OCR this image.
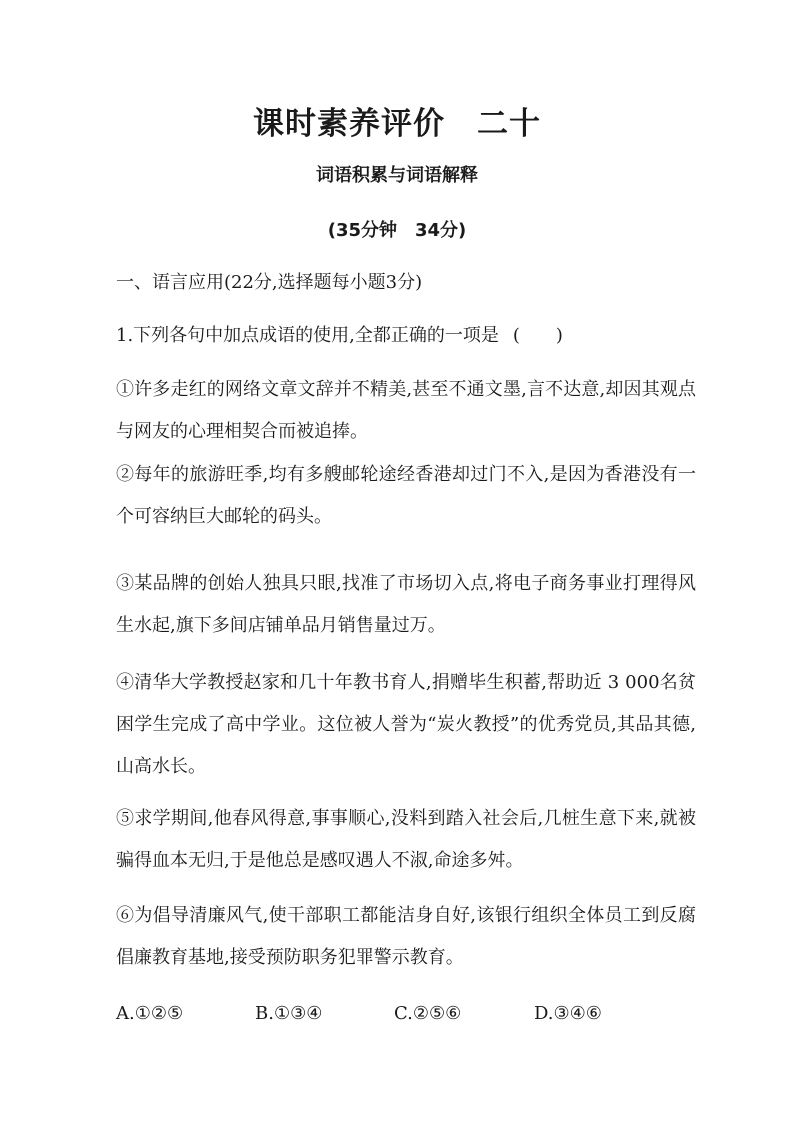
课时素养评价　二十
词语积累与词语解释
(35分钟　34分)
一、语言应用(22分,选择题每小题3分)
1.下列各句中加点成语的使用,全都正确的一项是 (　　)
①许多走红的网络文章文辞并不精美,甚至不通文墨,言不达意,却因其观点与网友的心理相契合而被追捧。
②每年的旅游旺季,均有多艘邮轮途经香港却过门不入,是因为香港没有一个可容纳巨大邮轮的码头。
③某品牌的创始人独具只眼,找准了市场切入点,将电子商务事业打理得风生水起,旗下多间店铺单品月销售量过万。
④清华大学教授赵家和几十年教书育人,捐赠毕生积蓄,帮助近 3 000名贫困学生完成了高中学业。这位被人誉为“炭火教授”的优秀党员,其品其德,山高水长。
⑤求学期间,他春风得意,事事顺心,没料到踏入社会后,几桩生意下来,就被骗得血本无归,于是他总是感叹遇人不淑,命途多舛。
⑥为倡导清廉风气,使干部职工都能洁身自好,该银行组织全体员工到反腐倡廉教育基地,接受预防职务犯罪警示教育。
A.①②⑤	B.①③④	C.②⑤⑥	D.③④⑥
